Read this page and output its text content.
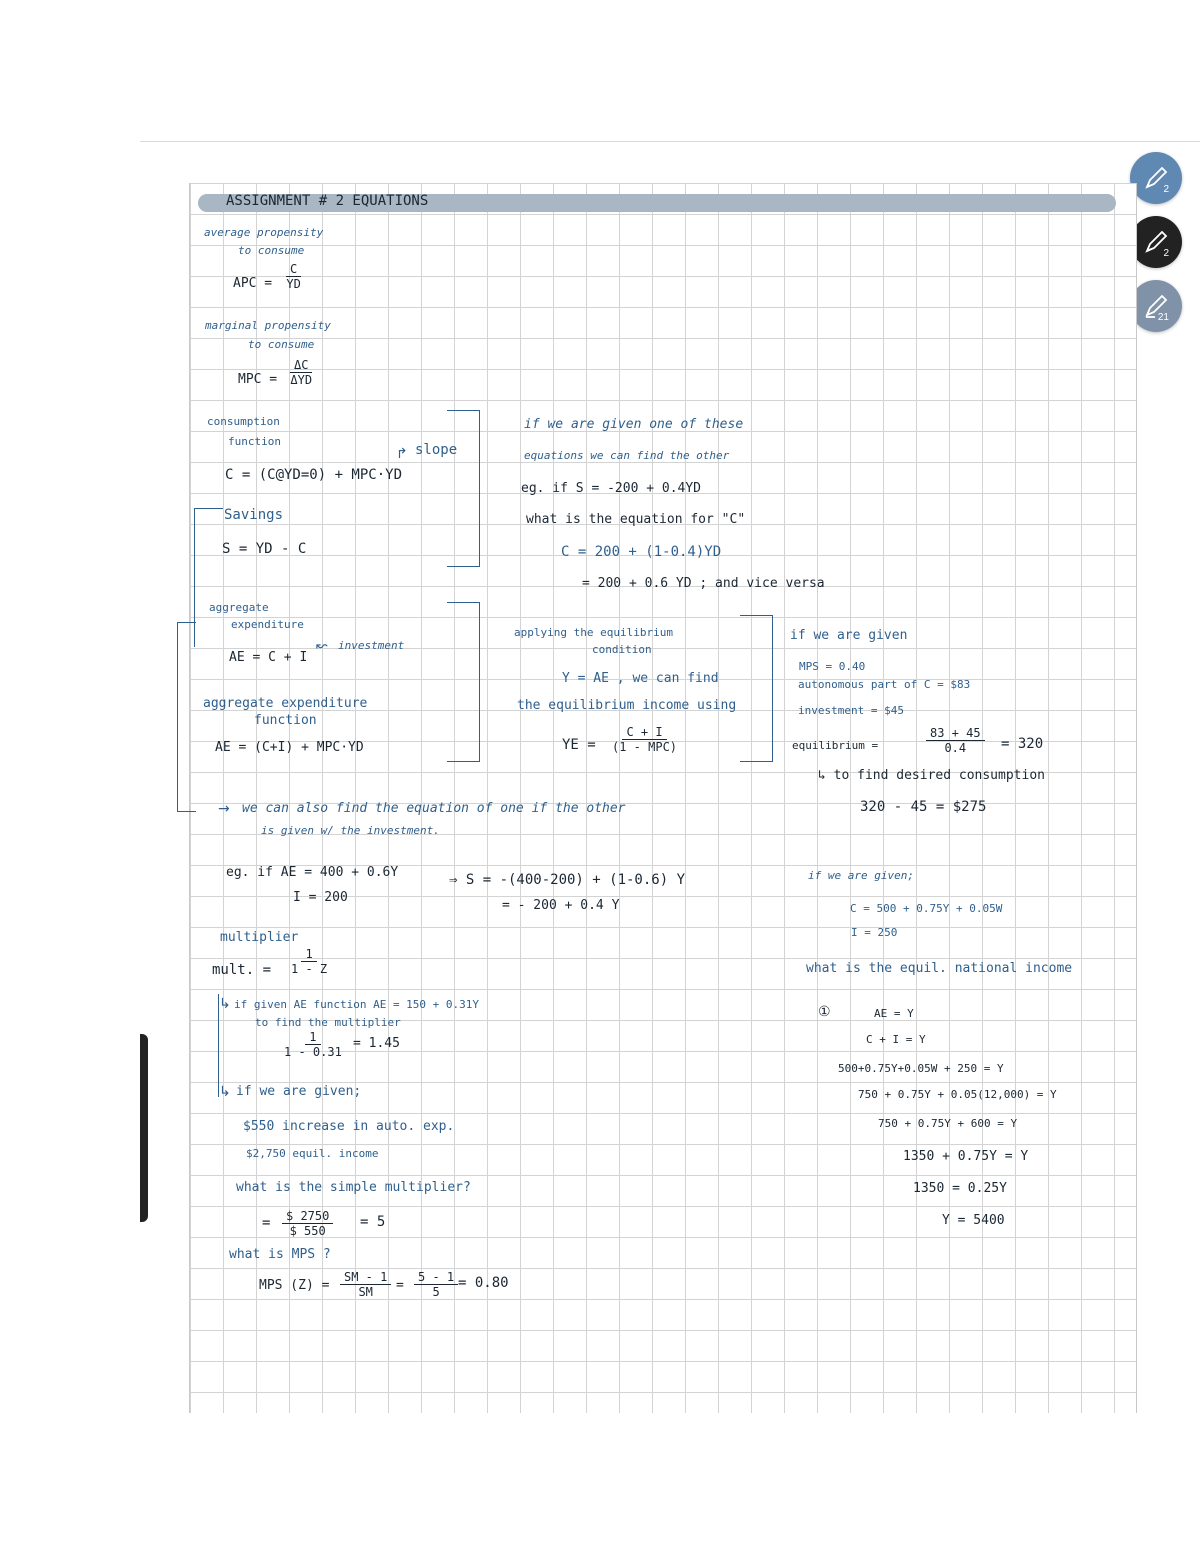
2
2
21
ASSIGNMENT # 2 EQUATIONS
average propensity
to consume
APC = $\frac{C}{YD}$
marginal propensity
to consume
MPC =
ΔC
ΔYD
consumption
function
slope
↱
C = (C@YD=0) + MPC·YD
Savings
S = YD - C
if we are given one of these
equations we can find the other
eg. if S = -200 + 0.4YD
what is the equation for "C"
C = 200 + (1-0.4)YD
= 200 + 0.6 YD ; and vice versa
aggregate
expenditure
AE = C + I
investment
↜
aggregate expenditure
function
AE = (C+I) + MPC·YD
→
applying the equilibrium
condition
Y = AE , we can find
the equilibrium income using
YE =
C + I
(1 - MPC)
if we are given
MPS = 0.40
autonomous part of C = $83
investment = $45
equilibrium =	$\frac{83 + 45}{0.4} = 320$
↳ to find desired consumption
320 - 45 = $275
we can also find the equation of one if the other
is given w/ the investment.
eg. if AE = 400 + 0.6Y
I = 200
⇒ S = -(400-200) + (1-0.6) Y
= - 200 + 0.4 Y
if we are given;
C = 500 + 0.75Y + 0.05W
I = 250
what is the equil. national income
①	AE = Y
C + I = Y
500+0.75Y+0.05W + 250 = Y
750 + 0.75Y + 0.05(12,000) = Y
750 + 0.75Y + 600 = Y
1350 + 0.75Y = Y
1350 = 0.25Y
Y = 5400
multiplier
mult. = $\frac{1}{1 - Z}$
↳
↳
if given AE function AE = 150 + 0.31Y
to find the multiplier
$\frac{1}{1 - 0.31} = 1.45$
if we are given;
$550 increase in auto. exp.
$2,750 equil. income
what is the simple multiplier?
= $\frac{\$ 2750}{\$ 550} = 5$
what is MPS ?
MPS $(Z) = \frac{SM - 1}{SM} = \frac{5 - 1}{5} = 0.80$
